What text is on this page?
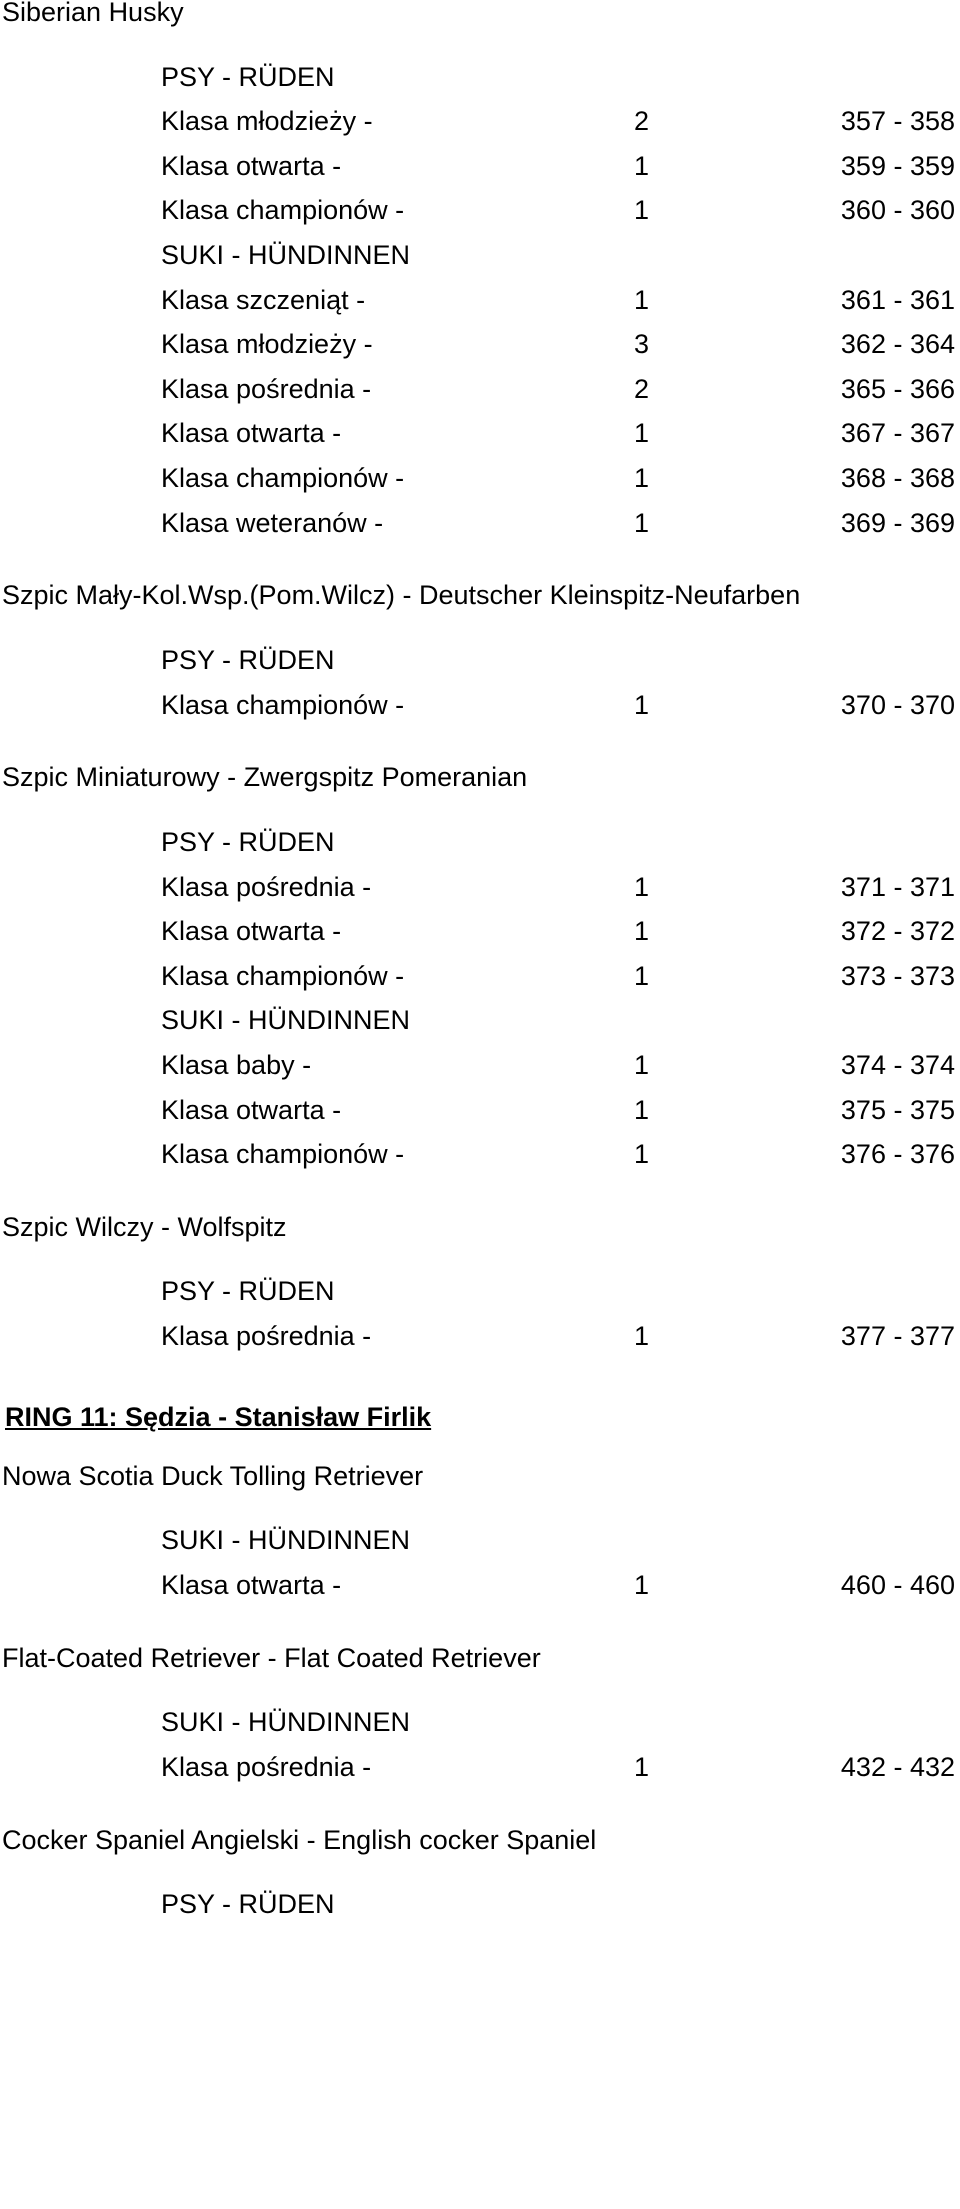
Siberian Husky
PSY - RÜDEN
Klasa młodzieży -	2	357 - 358
Klasa otwarta -	1	359 - 359
Klasa championów -	1	360 - 360
SUKI - HÜNDINNEN
Klasa szczeniąt -	1	361 - 361
Klasa młodzieży -	3	362 - 364
Klasa pośrednia -	2	365 - 366
Klasa otwarta -	1	367 - 367
Klasa championów -	1	368 - 368
Klasa weteranów -	1	369 - 369
Szpic Mały-Kol.Wsp.(Pom.Wilcz) - Deutscher Kleinspitz-Neufarben
PSY - RÜDEN
Klasa championów -	1	370 - 370
Szpic Miniaturowy - Zwergspitz Pomeranian
PSY - RÜDEN
Klasa pośrednia -	1	371 - 371
Klasa otwarta -	1	372 - 372
Klasa championów -	1	373 - 373
SUKI - HÜNDINNEN
Klasa baby -	1	374 - 374
Klasa otwarta -	1	375 - 375
Klasa championów -	1	376 - 376
Szpic Wilczy - Wolfspitz
PSY - RÜDEN
Klasa pośrednia -	1	377 - 377
RING 11: Sędzia - Stanisław Firlik
Nowa Scotia Duck Tolling Retriever
SUKI - HÜNDINNEN
Klasa otwarta -	1	460 - 460
Flat-Coated Retriever - Flat Coated Retriever
SUKI - HÜNDINNEN
Klasa pośrednia -	1	432 - 432
Cocker Spaniel Angielski - English cocker Spaniel
PSY - RÜDEN
